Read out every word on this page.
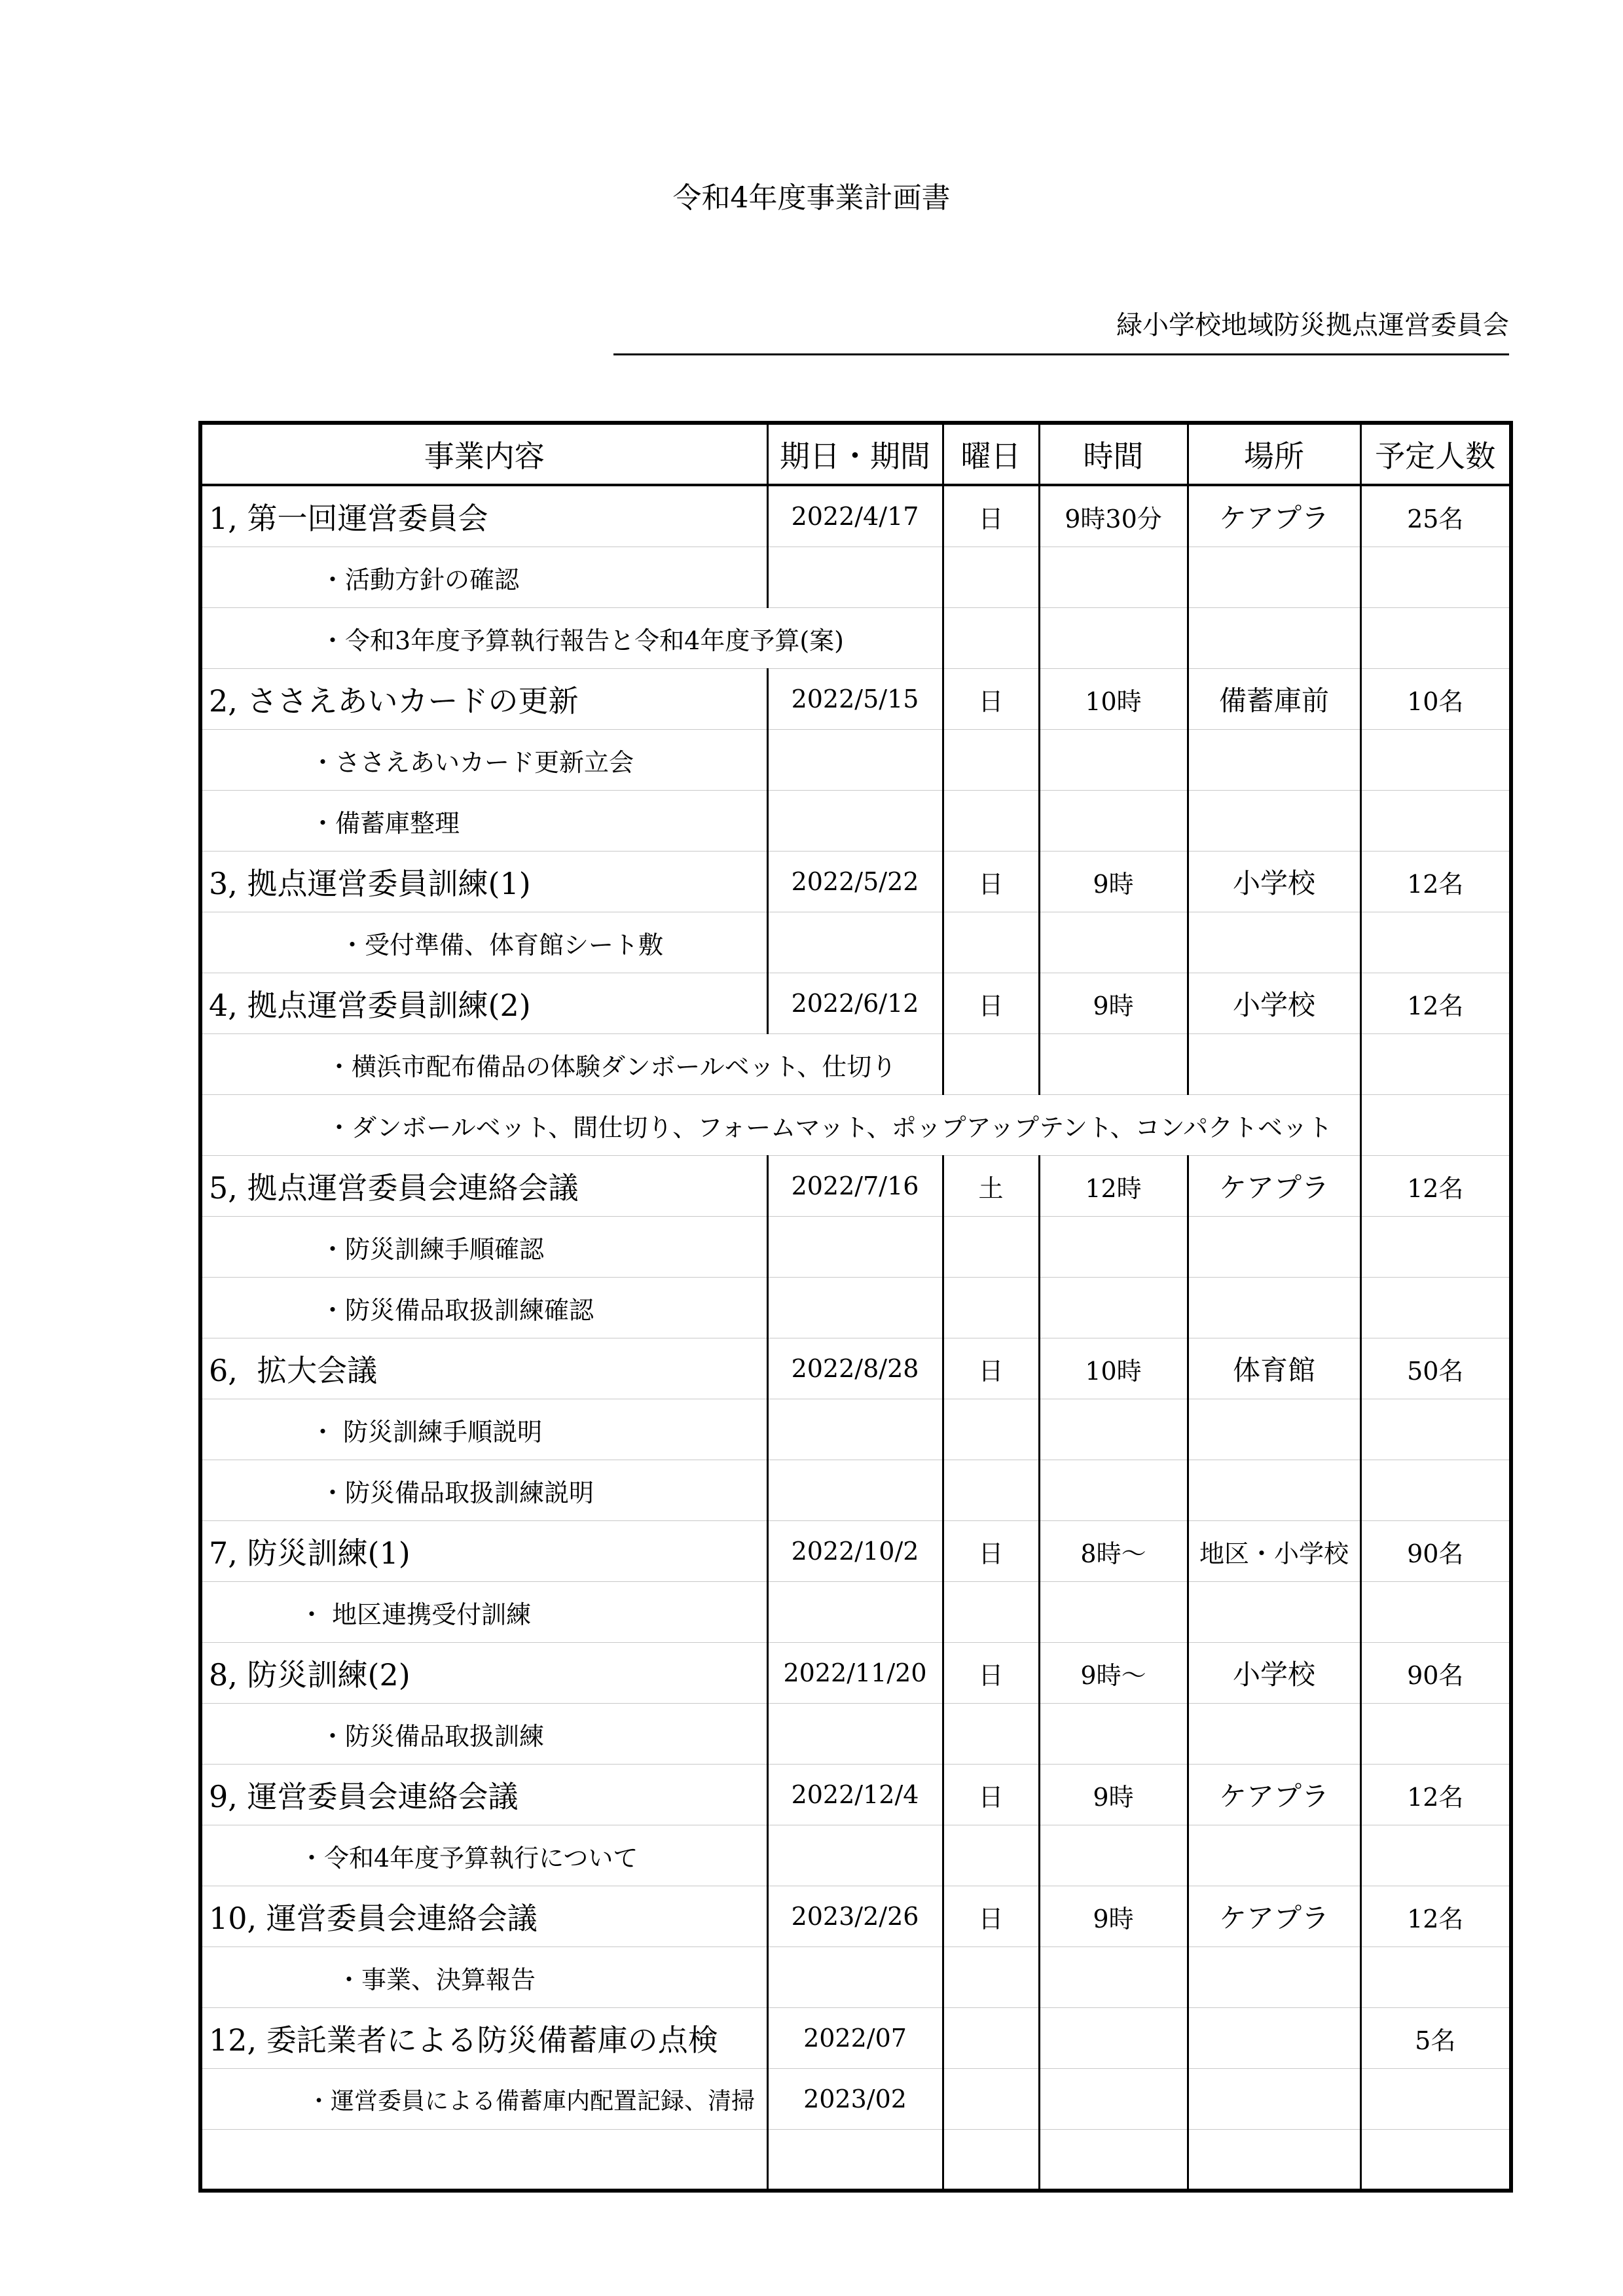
令和4年度事業計画書
緑小学校地域防災拠点運営委員会
事業内容	期日・期間	曜日	時間	場所	予定人数
1, 第一回運営委員会	2022/4/17	日	9時30分	ケアプラ	25名
・活動方針の確認					
・令和3年度予算執行報告と令和4年度予算(案)					
2, ささえあいカードの更新	2022/5/15	日	10時	備蓄庫前	10名
・ささえあいカード更新立会					
・備蓄庫整理					
3, 拠点運営委員訓練(1)	2022/5/22	日	9時	小学校	12名
・受付準備、体育館シート敷					
4, 拠点運営委員訓練(2)	2022/6/12	日	9時	小学校	12名
・横浜市配布備品の体験ダンボールベット、仕切り					
・ダンボールベット、間仕切り、フォームマット、ポップアップテント、コンパクトベット					
5, 拠点運営委員会連絡会議	2022/7/16	土	12時	ケアプラ	12名
・防災訓練手順確認					
・防災備品取扱訓練確認					
6,  拡大会議	2022/8/28	日	10時	体育館	50名
・ 防災訓練手順説明					
・防災備品取扱訓練説明					
7, 防災訓練(1)	2022/10/2	日	8時～	地区・小学校	90名
・ 地区連携受付訓練					
8, 防災訓練(2)	2022/11/20	日	9時～	小学校	90名
・防災備品取扱訓練					
9, 運営委員会連絡会議	2022/12/4	日	9時	ケアプラ	12名
・令和4年度予算執行について					
10, 運営委員会連絡会議	2023/2/26	日	9時	ケアプラ	12名
・事業、決算報告					
12, 委託業者による防災備蓄庫の点検	2022/07				5名
・運営委員による備蓄庫内配置記録、清掃	2023/02				
